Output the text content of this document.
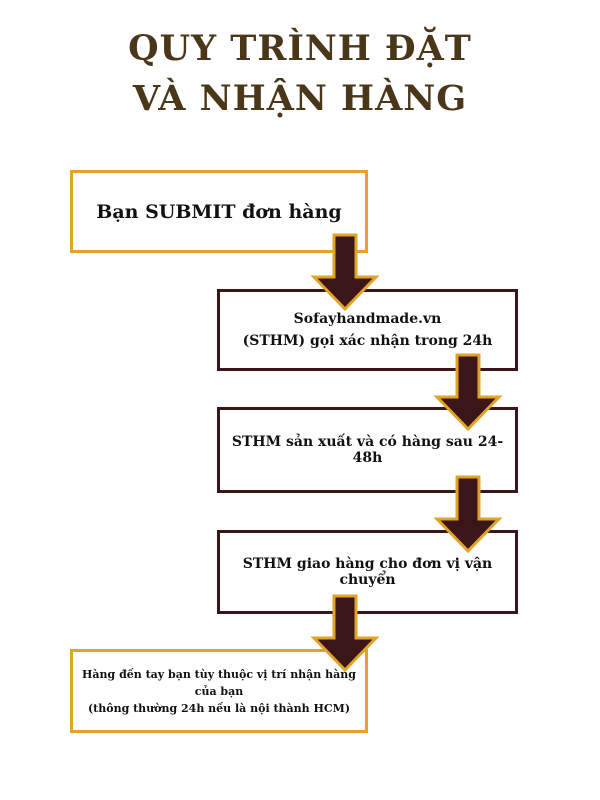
QUY TRÌNH ĐẶT
VÀ NHẬN HÀNG
Bạn SUBMIT đơn hàng
Sofayhandmade.vn
(STHM) gọi xác nhận trong 24h
STHM sản xuất và có hàng sau 24-48h
STHM giao hàng cho đơn vị vận chuyển
Hàng đến tay bạn tùy thuộc vị trí nhận hàng của bạn
(thông thường 24h nếu là nội thành HCM)
